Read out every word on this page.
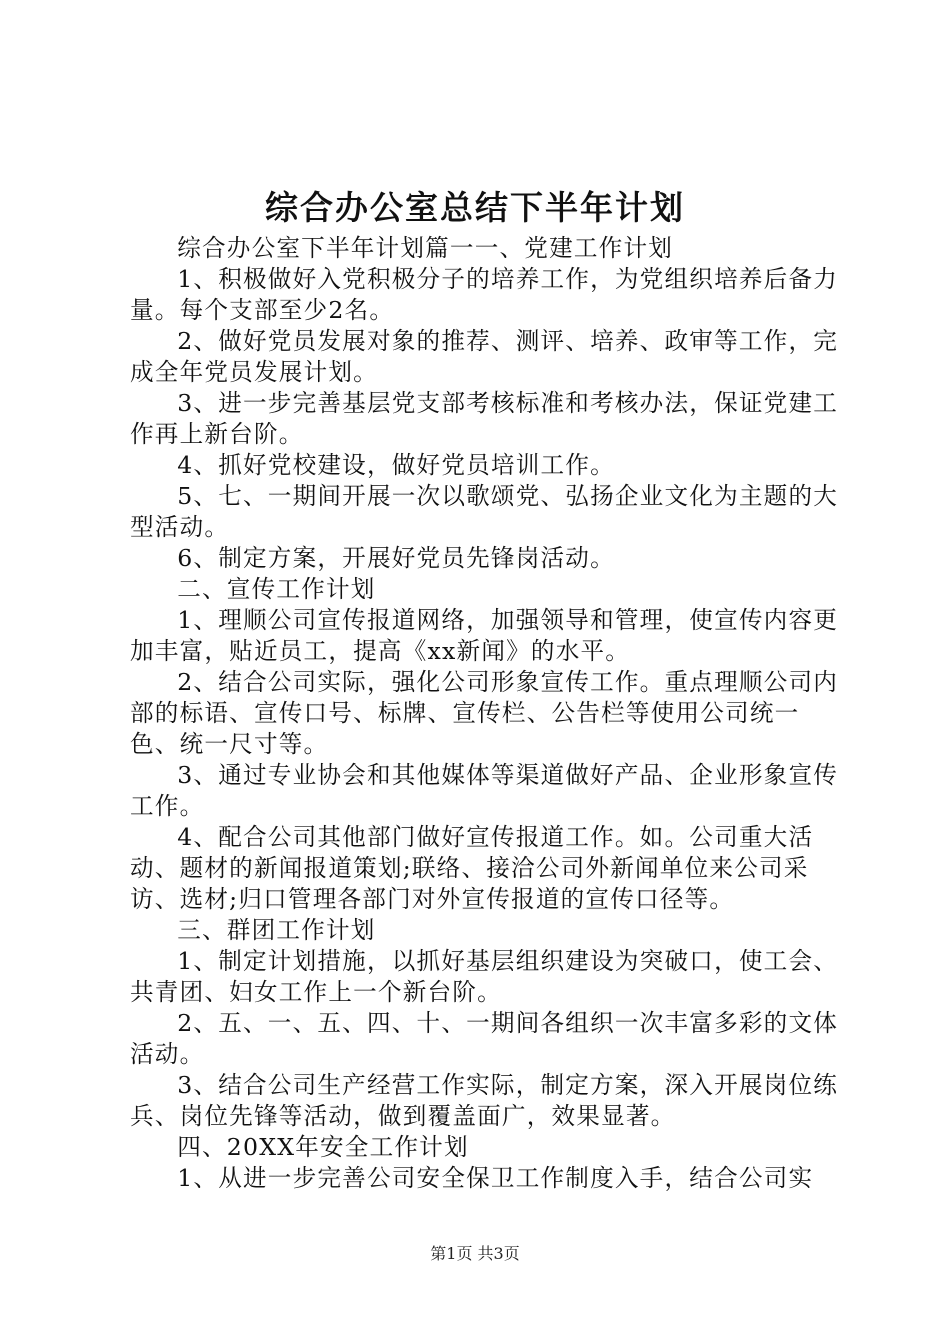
综合办公室总结下半年计划

综合办公室下半年计划篇一一、党建工作计划

1、积极做好入党积极分子的培养工作，为党组织培养后备力量。每个支部至少2名。

2、做好党员发展对象的推荐、测评、培养、政审等工作，完成全年党员发展计划。

3、进一步完善基层党支部考核标准和考核办法，保证党建工作再上新台阶。

4、抓好党校建设，做好党员培训工作。

5、七、一期间开展一次以歌颂党、弘扬企业文化为主题的大型活动。

6、制定方案，开展好党员先锋岗活动。

二、宣传工作计划

1、理顺公司宣传报道网络，加强领导和管理，使宣传内容更加丰富，贴近员工，提高《xx新闻》的水平。

2、结合公司实际，强化公司形象宣传工作。重点理顺公司内部的标语、宣传口号、标牌、宣传栏、公告栏等使用公司统一色、统一尺寸等。

3、通过专业协会和其他媒体等渠道做好产品、企业形象宣传工作。

4、配合公司其他部门做好宣传报道工作。如。公司重大活动、题材的新闻报道策划;联络、接洽公司外新闻单位来公司采访、选材;归口管理各部门对外宣传报道的宣传口径等。

三、群团工作计划

1、制定计划措施，以抓好基层组织建设为突破口，使工会、共青团、妇女工作上一个新台阶。

2、五、一、五、四、十、一期间各组织一次丰富多彩的文体活动。

3、结合公司生产经营工作实际，制定方案，深入开展岗位练兵、岗位先锋等活动，做到覆盖面广，效果显著。

四、20XX年安全工作计划

1、从进一步完善公司安全保卫工作制度入手，结合公司实

第1页 共3页
